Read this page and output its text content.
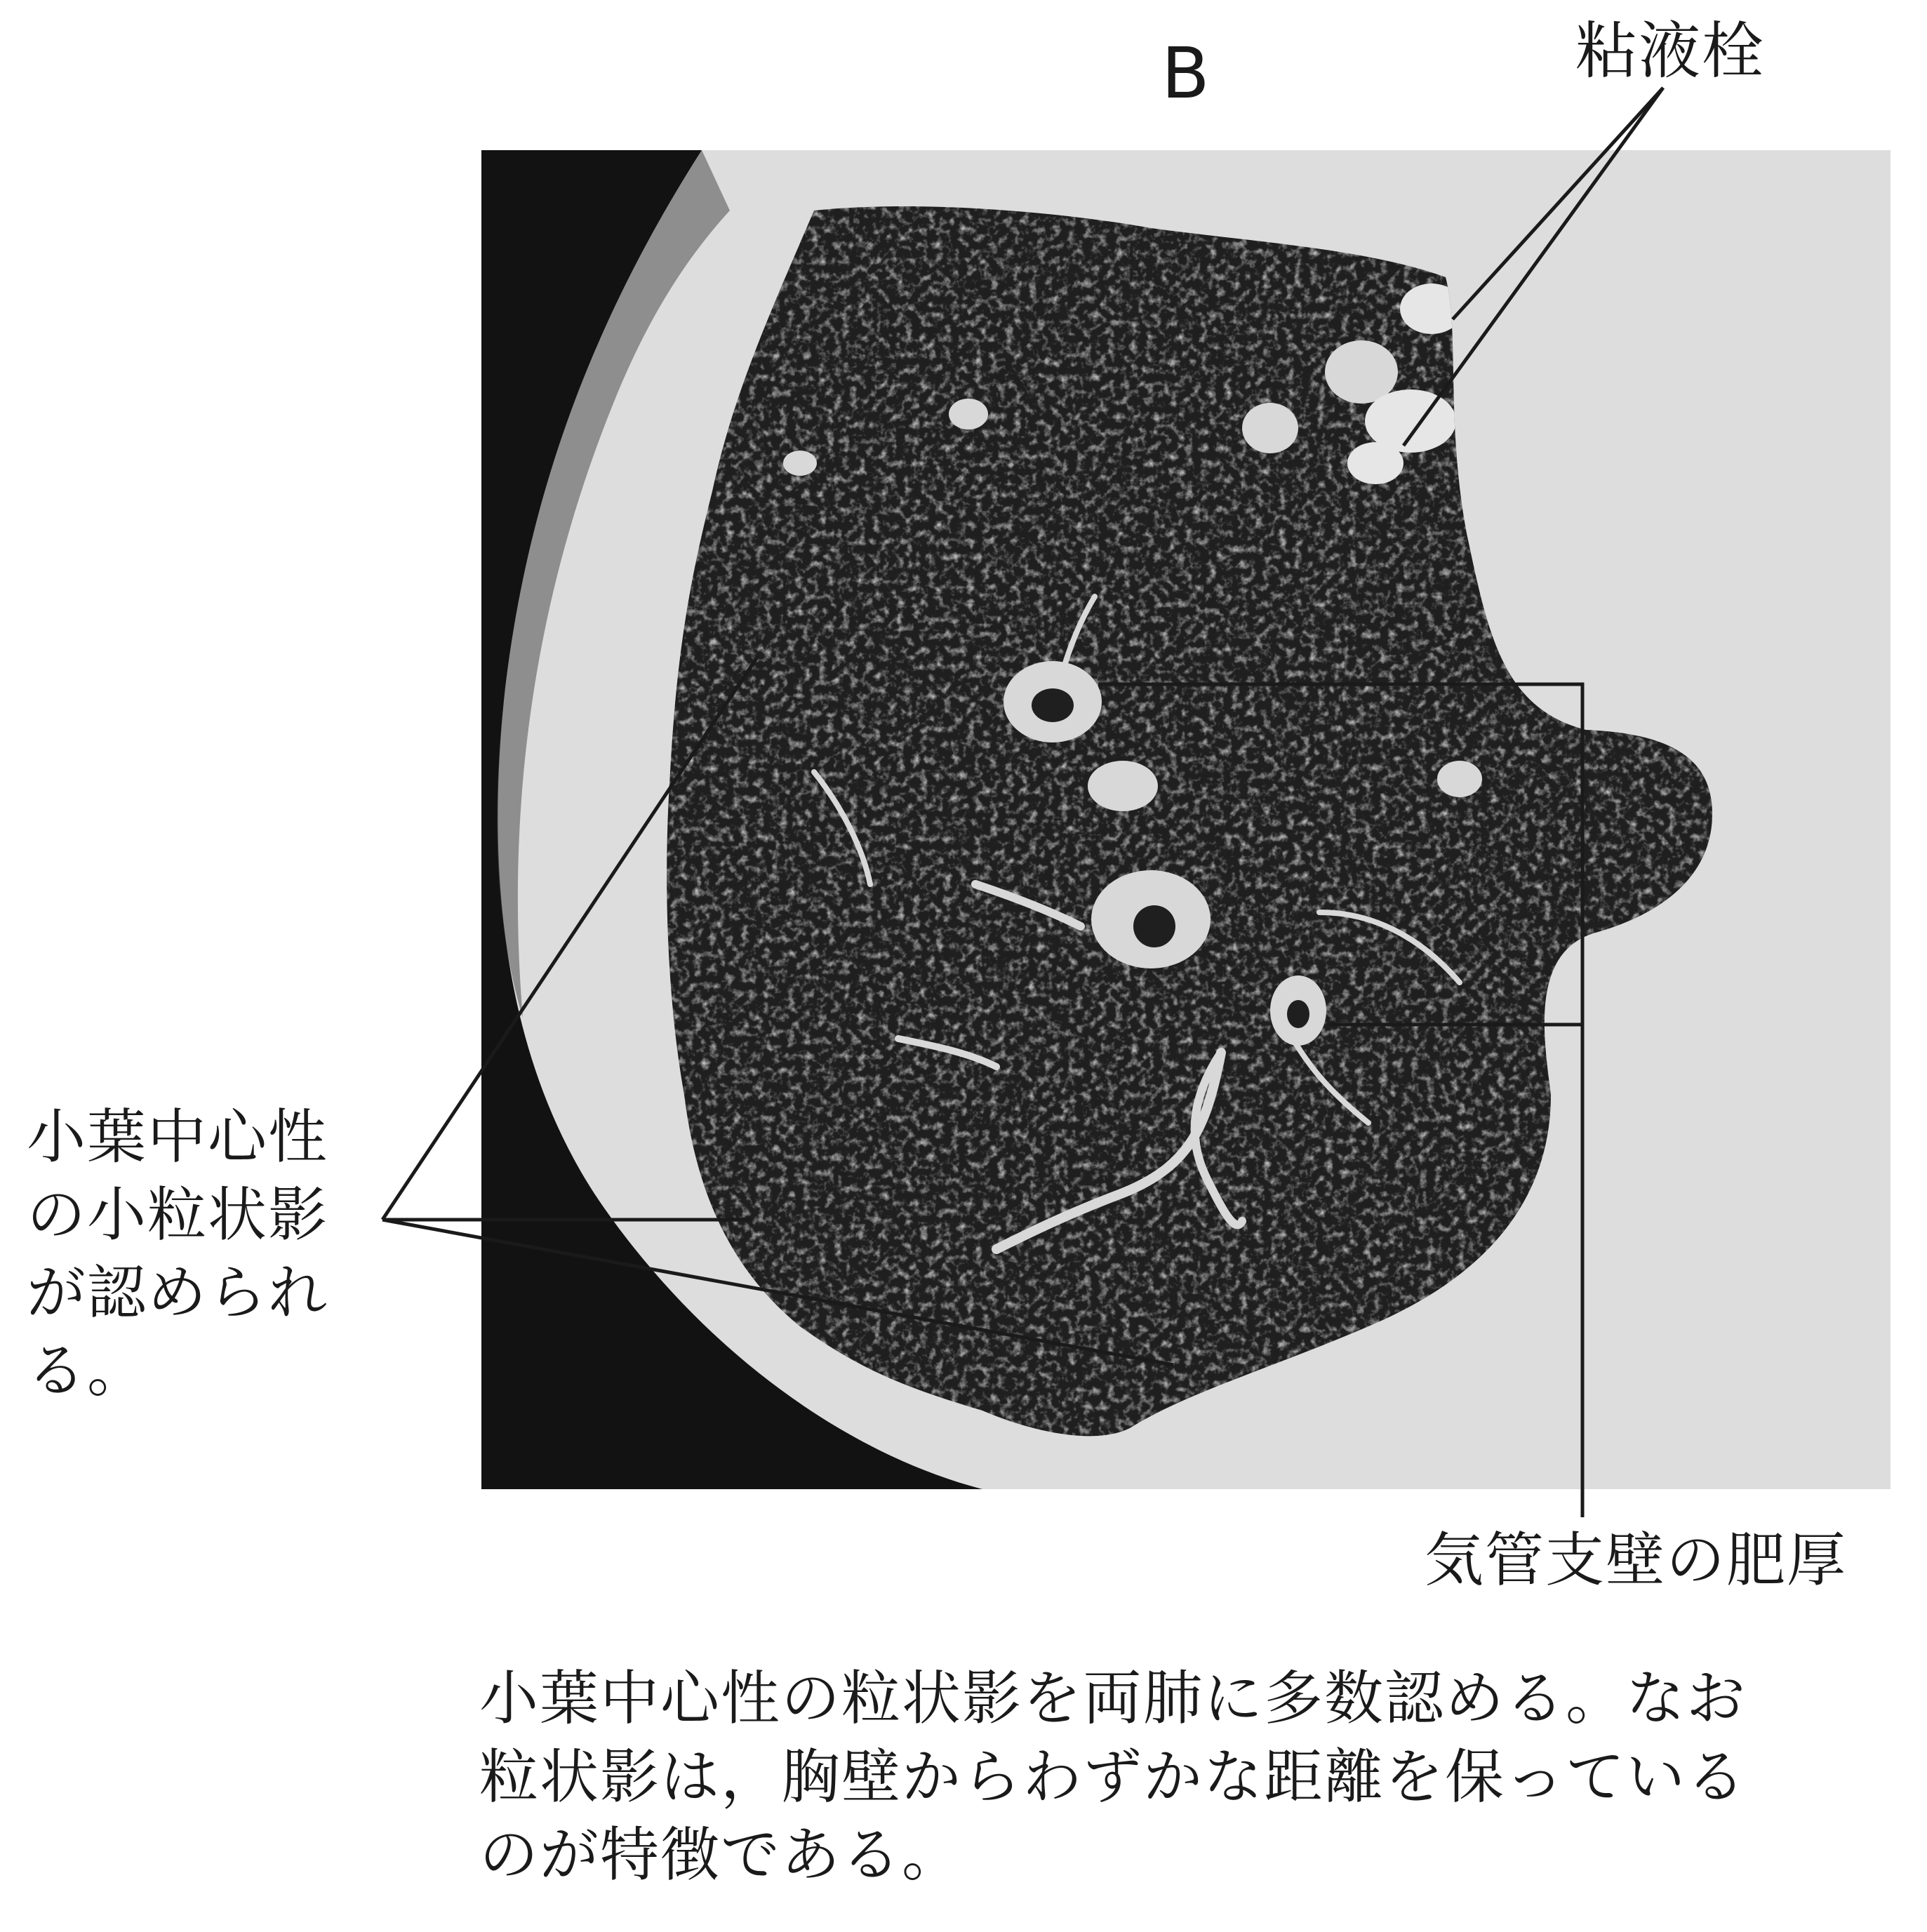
B	粘液栓
小葉中心性
の小粒状影
が認められ
る。
気管支壁の肥厚
小葉中心性の粒状影を両肺に多数認める。なお
粒状影は，胸壁からわずかな距離を保っている
のが特徴である。
